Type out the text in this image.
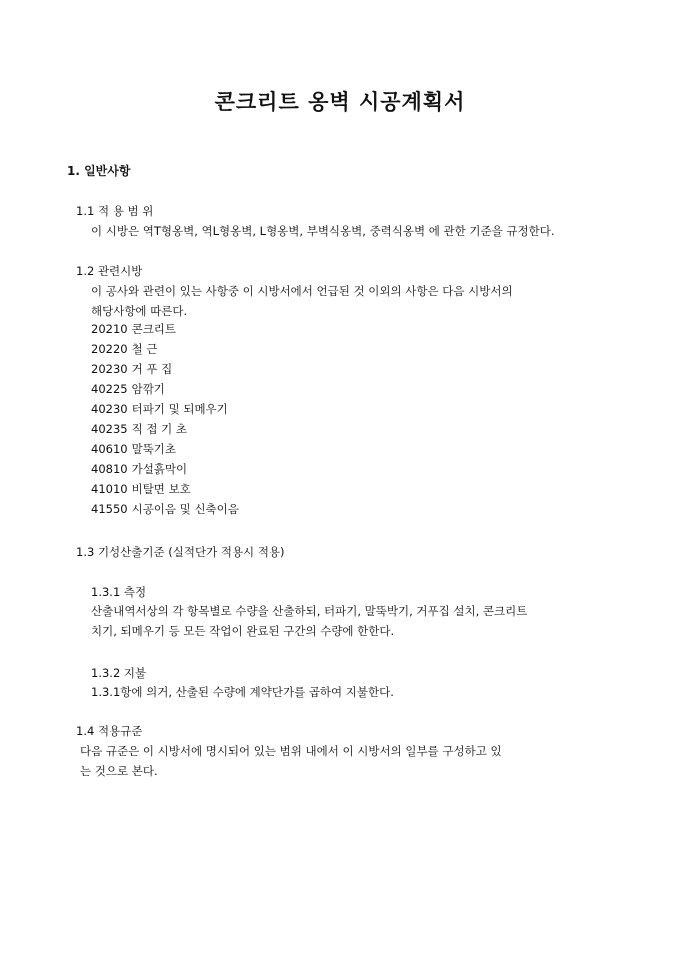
콘크리트 옹벽 시공계획서
1. 일반사항
1.1 적 용 범 위
이 시방은 역T형옹벽, 역L형옹벽, L형옹벽, 부벽식옹벽, 중력식옹벽 에 관한 기준을 규정한다.
1.2 관련시방
이 공사와 관련이 있는 사항중 이 시방서에서 언급된 것 이외의 사항은 다음 시방서의
해당사항에 따른다.
20210 콘크리트
20220 철 근
20230 거 푸 집
40225 암깎기
40230 터파기 및 되메우기
40235 직 접 기 초
40610 말뚝기초
40810 가설흙막이
41010 비탈면 보호
41550 시공이음 및 신축이음
1.3 기성산출기준 (실적단가 적용시 적용)
1.3.1 측정
산출내역서상의 각 항목별로 수량을 산출하되, 터파기, 말뚝박기, 거푸집 설치, 콘크리트
치기, 되메우기 등 모든 작업이 완료된 구간의 수량에 한한다.
1.3.2 지불
1.3.1항에 의거, 산출된 수량에 계약단가를 곱하여 지불한다.
1.4 적용규준
다음 규준은 이 시방서에 명시되어 있는 범위 내에서 이 시방서의 일부를 구성하고 있
는 것으로 본다.
